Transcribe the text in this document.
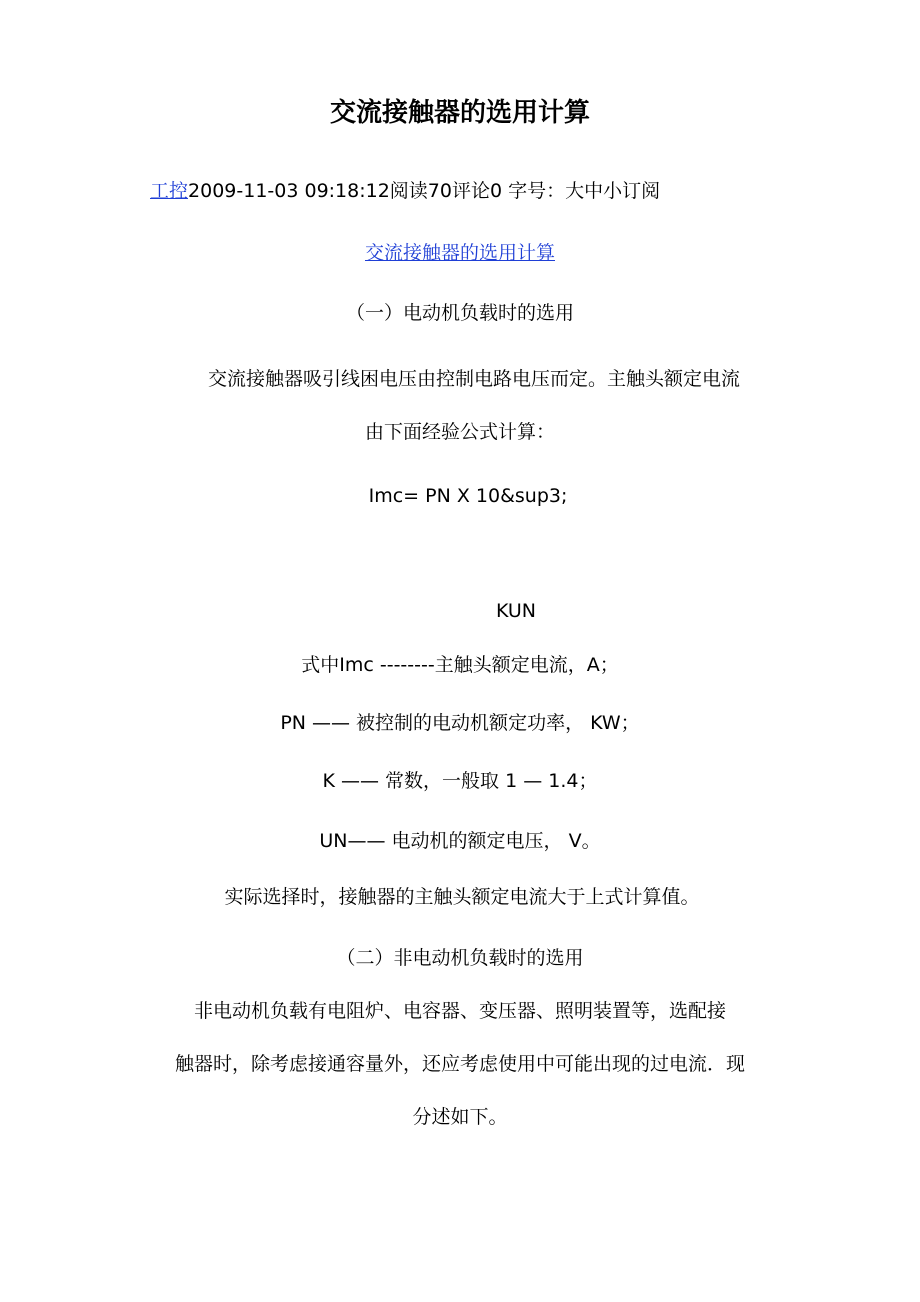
交流接触器的选用计算
工控2009-11-03 09:18:12阅读70评论0 字号：大中小订阅
交流接触器的选用计算
（一）电动机负载时的选用
交流接触器吸引线困电压由控制电路电压而定。主触头额定电流
由下面经验公式计算：
Imc= PN X 10&sup3;
KUN
式中Imc --------主触头额定电流，A；
PN —— 被控制的电动机额定功率， KW；
K —— 常数，一般取 1 — 1.4；
UN—— 电动机的额定电压， V。
实际选择时，接触器的主触头额定电流大于上式计算值。
（二）非电动机负载时的选用
非电动机负载有电阻炉、电容器、变压器、照明装置等，选配接
触器时，除考虑接通容量外，还应考虑使用中可能出现的过电流．现
分述如下。
